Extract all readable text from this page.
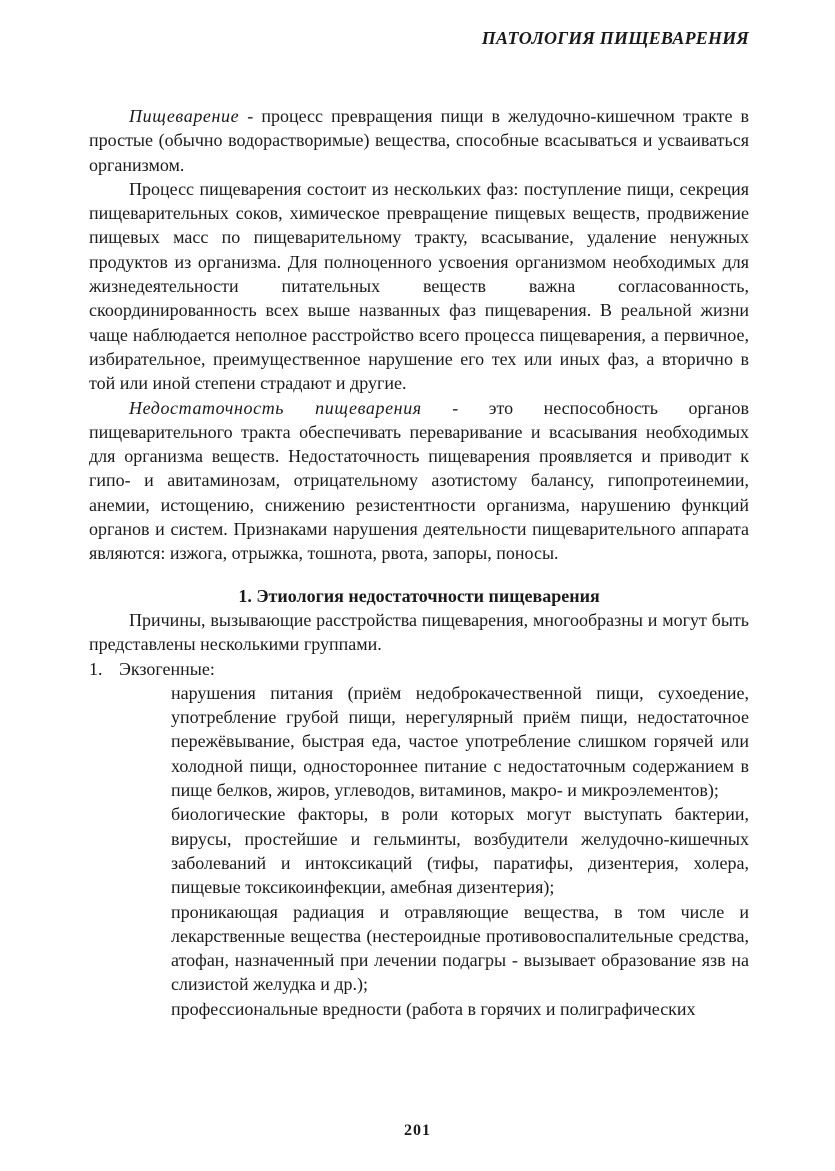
ПАТОЛОГИЯ ПИЩЕВАРЕНИЯ

Пищеварение - процесс превращения пищи в желудочно-кишечном тракте в простые (обычно водорастворимые) вещества, способные всасываться и усваиваться организмом.

Процесс пищеварения состоит из нескольких фаз: поступление пищи, секреция пищеварительных соков, химическое превращение пищевых веществ, продвижение пищевых масс по пищеварительному тракту, всасывание, удаление ненужных продуктов из организма. Для полноценного усвоения организмом необходимых для жизнедеятельности питательных веществ важна согласованность, скоординированность всех выше названных фаз пищеварения. В реальной жизни чаще наблюдается неполное расстройство всего процесса пищеварения, а первичное, избирательное, преимущественное нарушение его тех или иных фаз, а вторично в той или иной степени страдают и другие.

Недостаточность пищеварения - это неспособность органов пищеварительного тракта обеспечивать переваривание и всасывания необходимых для организма веществ. Недостаточность пищеварения проявляется и приводит к гипо- и авитаминозам, отрицательному азотистому балансу, гипопротеинемии, анемии, истощению, снижению резистентности организма, нарушению функций органов и систем. Признаками нарушения деятельности пищеварительного аппарата являются: изжога, отрыжка, тошнота, рвота, запоры, поносы.

1. Этиология недостаточности пищеварения

Причины, вызывающие расстройства пищеварения, многообразны и могут быть представлены несколькими группами.

1. Экзогенные:

нарушения питания (приём недоброкачественной пищи, сухоедение, употребление грубой пищи, нерегулярный приём пищи, недостаточное пережёвывание, быстрая еда, частое употребление слишком горячей или холодной пищи, одностороннее питание с недостаточным содержанием в пище белков, жиров, углеводов, витаминов, макро- и микроэлементов);

биологические факторы, в роли которых могут выступать бактерии, вирусы, простейшие и гельминты, возбудители желудочно-кишечных заболеваний и интоксикаций (тифы, паратифы, дизентерия, холера, пищевые токсикоинфекции, амебная дизентерия);

проникающая радиация и отравляющие вещества, в том числе и лекарственные вещества (нестероидные противовоспалительные средства, атофан, назначенный при лечении подагры - вызывает образование язв на слизистой желудка и др.);

профессиональные вредности (работа в горячих и полиграфических

201
